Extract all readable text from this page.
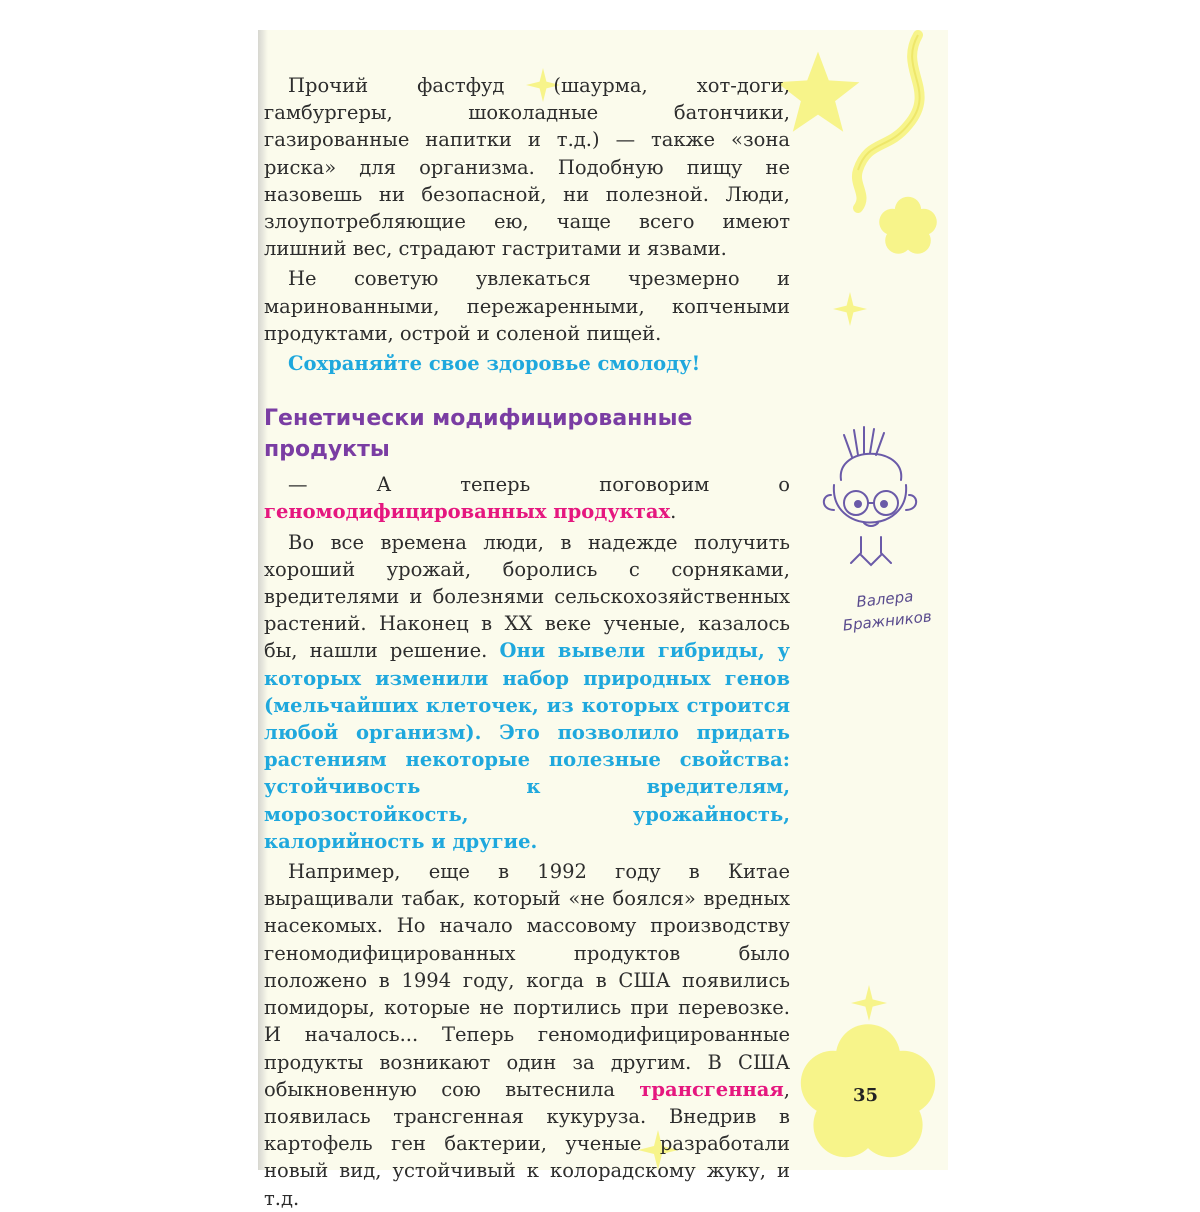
Валера
Бражников

Прочий фастфуд (шаурма, хот-доги, гамбургеры, шоколадные батончики, газированные напитки и т.д.) — также «зона риска» для организма. Подобную пищу не назовешь ни безопасной, ни полезной. Люди, злоупотребляющие ею, чаще всего имеют лишний вес, страдают гастритами и язвами.

Не советую увлекаться чрезмерно и маринованными, пережаренными, копчеными продуктами, острой и соленой пищей.

Сохраняйте свое здоровье смолоду!

Генетически модифицированные
продукты

— А теперь поговорим о геномодифицированных продуктах.

Во все времена люди, в надежде получить хороший урожай, боролись с сорняками, вредителями и болезнями сельскохозяйственных растений. Наконец в XX веке ученые, казалось бы, нашли решение. Они вывели гибриды, у которых изменили набор природных генов (мельчайших клеточек, из которых строится любой организм). Это позволило придать растениям некоторые полезные свойства: устойчивость к вредителям, морозостойкость, урожайность, калорийность и другие.

Например, еще в 1992 году в Китае выращивали табак, который «не боялся» вредных насекомых. Но начало массовому производству геномодифицированных продуктов было положено в 1994 году, когда в США появились помидоры, которые не портились при перевозке. И началось... Теперь геномодифицированные продукты возникают один за другим. В США обыкновенную сою вытеснила трансгенная, появилась трансгенная кукуруза. Внедрив в картофель ген бактерии, ученые разработали новый вид, устойчивый к колорадскому жуку, и т.д.

35
